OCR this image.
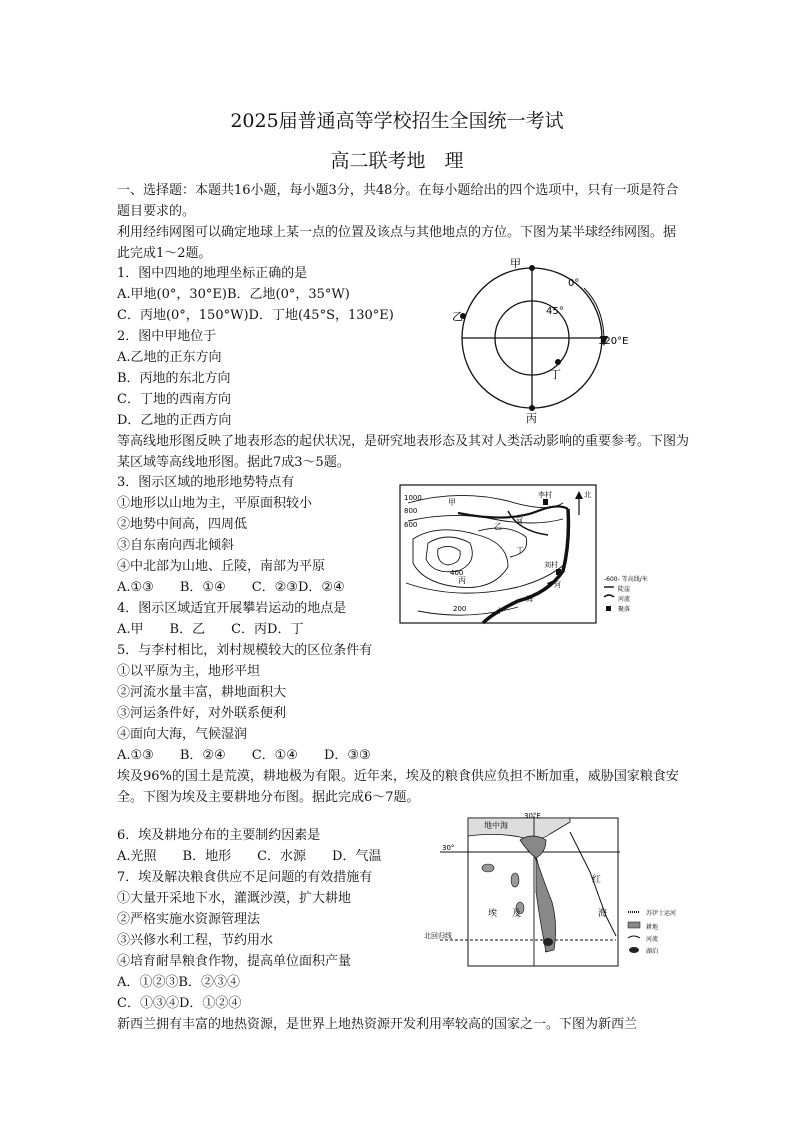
2025届普通高等学校招生全国统一考试
高二联考地　理
一、选择题：本题共16小题，每小题3分，共48分。在每小题给出的四个选项中，只有一项是符合题目要求的。
利用经纬网图可以确定地球上某一点的位置及该点与其他地点的方位。下图为某半球经纬网图。据此完成1～2题。
1．图中四地的地理坐标正确的是
A.甲地(0°，30°E)B．乙地(0°，35°W)
C．丙地(0°，150°W)D．丁地(45°S，130°E)
2．图中甲地位于
A.乙地的正东方向
B．丙地的东北方向
C．丁地的西南方向
D．乙地的正西方向
甲
乙
丙
丁
0°
45°
120°E
等高线地形图反映了地表形态的起伏状况，是研究地表形态及其对人类活动影响的重要参考。下图为某区域等高线地形图。据此7成3～5题。
3．图示区域的地形地势特点有
①地形以山地为主，平原面积较小
②地势中间高，四周低
③自东南向西北倾斜
④中北部为山地、丘陵，南部为平原
A.①③　　B．①④　　C．②③D．②④
4．图示区域适宜开展攀岩运动的地点是
A.甲　　B．乙　　C．丙D．丁
5．与李村相比，刘村规模较大的区位条件有
①以平原为主，地形平坦
②河流水量丰富，耕地面积大
③河运条件好，对外联系便利
④面向大海，气候湿润
A.①③　　B．②④　　C．①④　　D．③③
1000
800
600
400
200
甲
乙
丙
丁
李村
刘村
河
河
小
海
北
-600- 等高线/米
陡崖
河流
聚落
埃及96%的国土是荒漠，耕地极为有限。近年来，埃及的粮食供应负担不断加重，威胁国家粮食安全。下图为埃及主要耕地分布图。据此完成6～7题。
6．埃及耕地分布的主要制约因素是
A.光照　　B．地形　　C．水源　　D．气温
7．埃及解决粮食供应不足问题的有效措施有
①大量开采地下水，灌溉沙漠，扩大耕地
②严格实施水资源管理法
③兴修水利工程，节约用水
④培育耐旱粮食作物，提高单位面积产量
A．①②③B．②③④
C．①③④D．①②④
地中海
30°E
30°
北回归线
埃 及
红
海	苏伊士运河
耕地
河流
湖泊
新西兰拥有丰富的地热资源，是世界上地热资源开发利用率较高的国家之一。下图为新西兰
